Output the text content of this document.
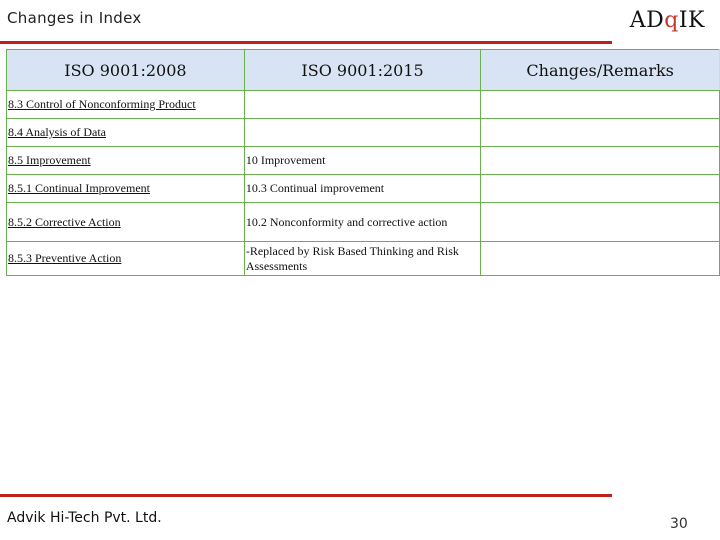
Changes in Index	ADqIK
ISO 9001:2008	ISO 9001:2015	Changes/Remarks
8.3 Control of Nonconforming Product		
8.4 Analysis of Data		
8.5 Improvement	10 Improvement	
8.5.1 Continual Improvement	10.3 Continual improvement	
8.5.2 Corrective Action	10.2 Nonconformity and corrective action	
8.5.3 Preventive Action	-Replaced by Risk Based Thinking and Risk Assessments	
Advik Hi-Tech Pvt. Ltd.	30
